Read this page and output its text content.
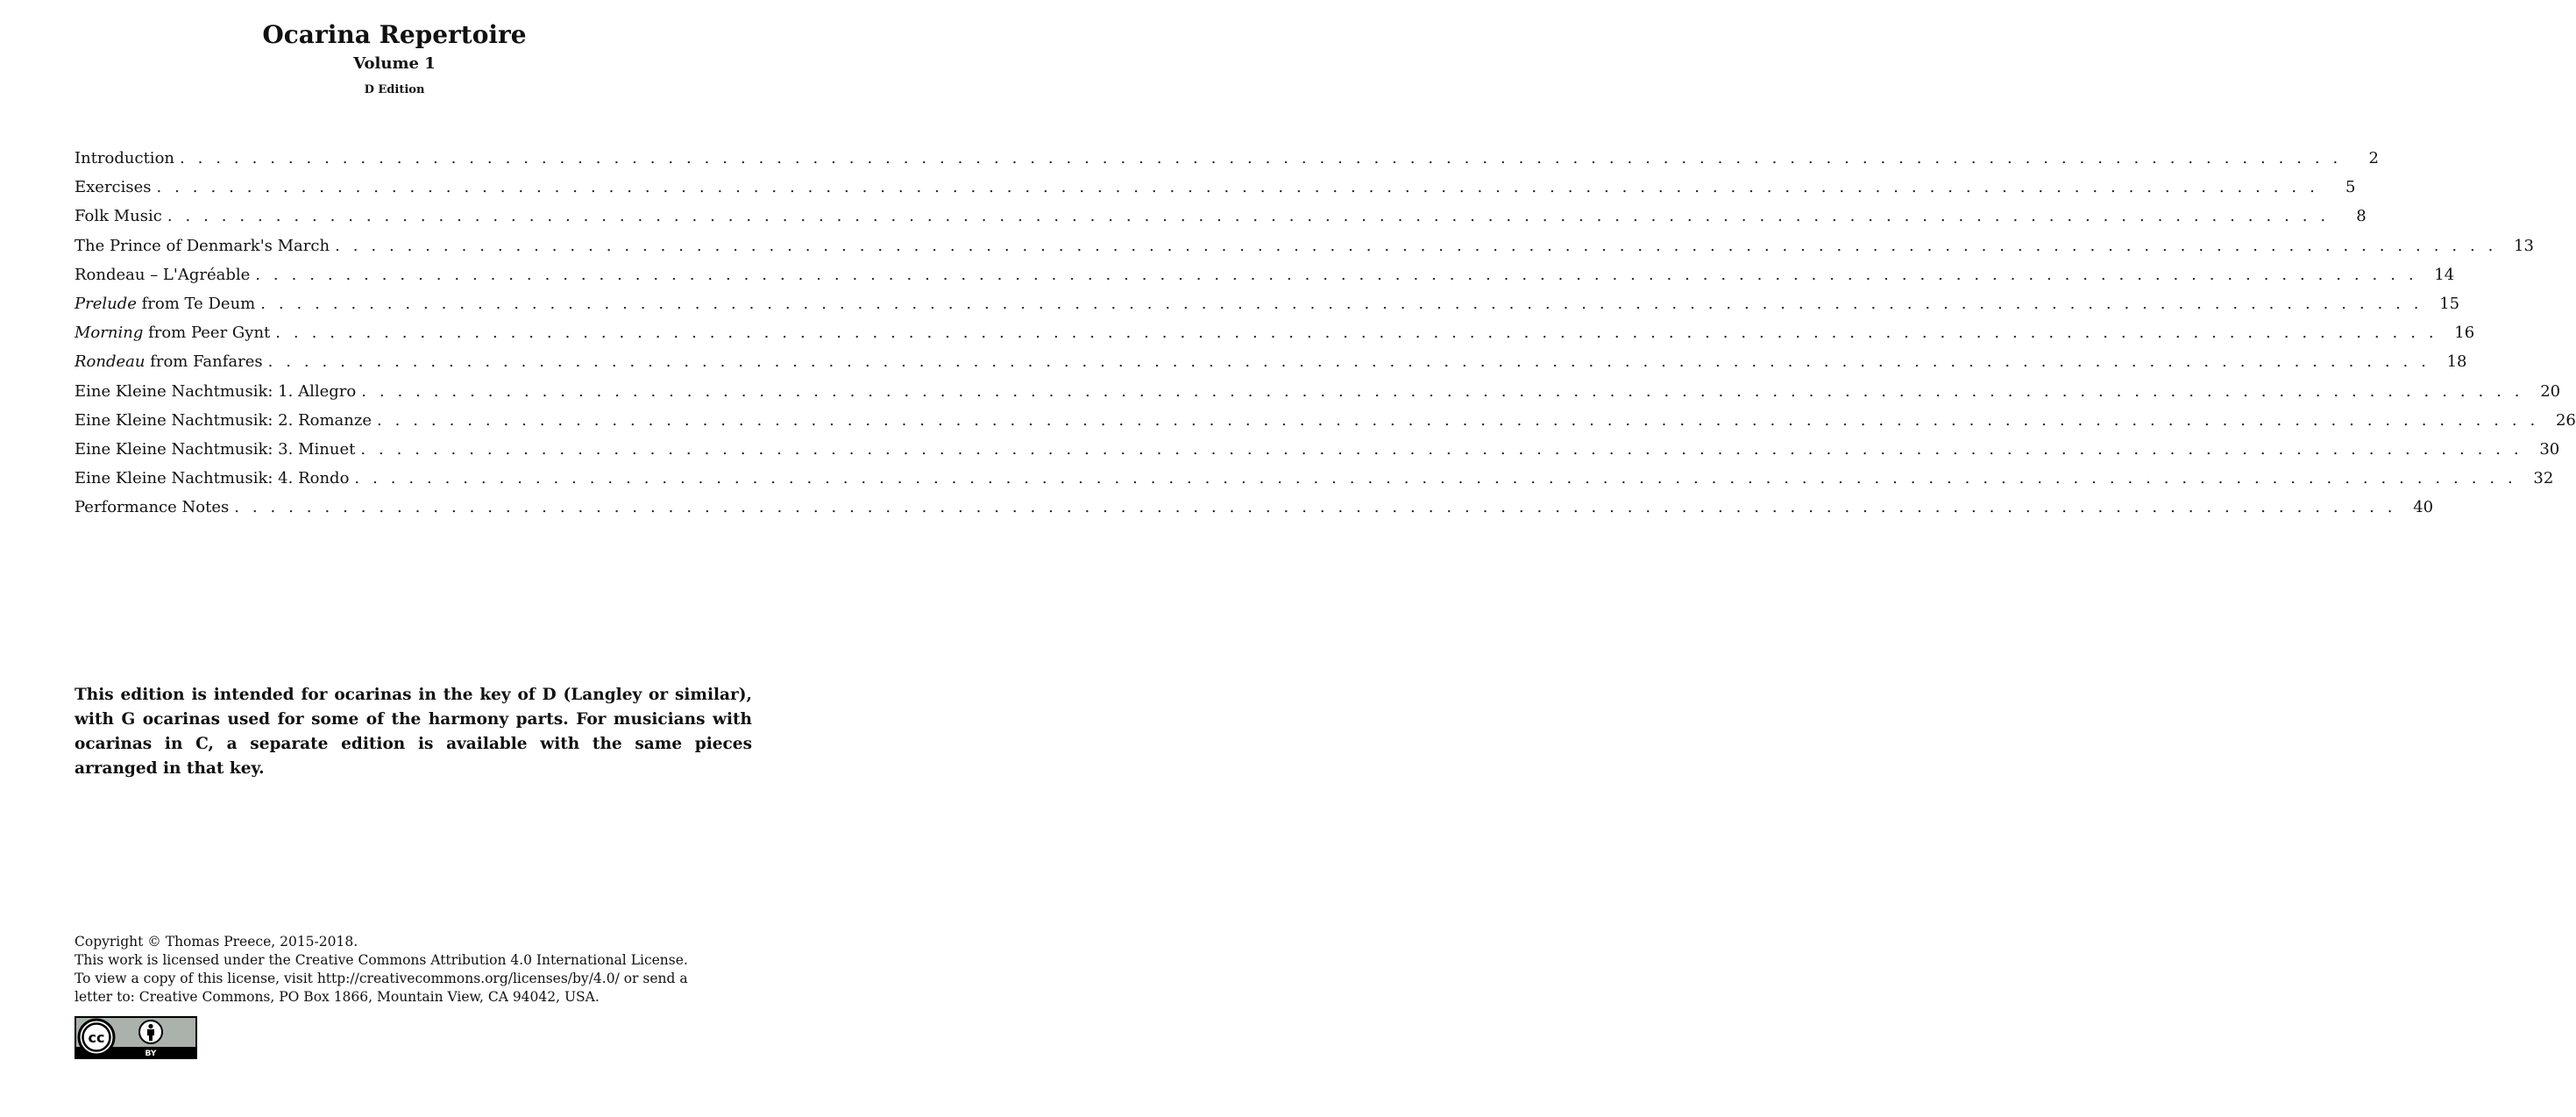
Ocarina Repertoire
Volume 1
D Edition
Introduction . . . . . . . . . . . . . . . . . . . . . . . . . . . . . . . . . . . . . . . . . . . . . . . . . . . . . . . . . . . . . . . . . . . . . . . . . . . . . . . . . . . . . . . . . . . . . . . . . . . . . . . . . . . . . . . . . . . . . . . .	2
Exercises . . . . . . . . . . . . . . . . . . . . . . . . . . . . . . . . . . . . . . . . . . . . . . . . . . . . . . . . . . . . . . . . . . . . . . . . . . . . . . . . . . . . . . . . . . . . . . . . . . . . . . . . . . . . . . . . . . . . . . . .	5
Folk Music . . . . . . . . . . . . . . . . . . . . . . . . . . . . . . . . . . . . . . . . . . . . . . . . . . . . . . . . . . . . . . . . . . . . . . . . . . . . . . . . . . . . . . . . . . . . . . . . . . . . . . . . . . . . . . . . . . . . . . . .	8
The Prince of Denmark's March . . . . . . . . . . . . . . . . . . . . . . . . . . . . . . . . . . . . . . . . . . . . . . . . . . . . . . . . . . . . . . . . . . . . . . . . . . . . . . . . . . . . . . . . . . . . . . . . . . . . . . . . . . . . . . . . . . . . . . . .	13
Rondeau – L'Agréable . . . . . . . . . . . . . . . . . . . . . . . . . . . . . . . . . . . . . . . . . . . . . . . . . . . . . . . . . . . . . . . . . . . . . . . . . . . . . . . . . . . . . . . . . . . . . . . . . . . . . . . . . . . . . . . . . . . . . . . .	14
Prelude from Te Deum . . . . . . . . . . . . . . . . . . . . . . . . . . . . . . . . . . . . . . . . . . . . . . . . . . . . . . . . . . . . . . . . . . . . . . . . . . . . . . . . . . . . . . . . . . . . . . . . . . . . . . . . . . . . . . . . . . . . . . . .	15
Morning from Peer Gynt . . . . . . . . . . . . . . . . . . . . . . . . . . . . . . . . . . . . . . . . . . . . . . . . . . . . . . . . . . . . . . . . . . . . . . . . . . . . . . . . . . . . . . . . . . . . . . . . . . . . . . . . . . . . . . . . . . . . . . . .	16
Rondeau from Fanfares . . . . . . . . . . . . . . . . . . . . . . . . . . . . . . . . . . . . . . . . . . . . . . . . . . . . . . . . . . . . . . . . . . . . . . . . . . . . . . . . . . . . . . . . . . . . . . . . . . . . . . . . . . . . . . . . . . . . . . . .	18
Eine Kleine Nachtmusik: 1. Allegro . . . . . . . . . . . . . . . . . . . . . . . . . . . . . . . . . . . . . . . . . . . . . . . . . . . . . . . . . . . . . . . . . . . . . . . . . . . . . . . . . . . . . . . . . . . . . . . . . . . . . . . . . . . . . . . . . . . . . . . .	20
Eine Kleine Nachtmusik: 2. Romanze . . . . . . . . . . . . . . . . . . . . . . . . . . . . . . . . . . . . . . . . . . . . . . . . . . . . . . . . . . . . . . . . . . . . . . . . . . . . . . . . . . . . . . . . . . . . . . . . . . . . . . . . . . . . . . . . . . . . . . . .	26
Eine Kleine Nachtmusik: 3. Minuet . . . . . . . . . . . . . . . . . . . . . . . . . . . . . . . . . . . . . . . . . . . . . . . . . . . . . . . . . . . . . . . . . . . . . . . . . . . . . . . . . . . . . . . . . . . . . . . . . . . . . . . . . . . . . . . . . . . . . . . .	30
Eine Kleine Nachtmusik: 4. Rondo . . . . . . . . . . . . . . . . . . . . . . . . . . . . . . . . . . . . . . . . . . . . . . . . . . . . . . . . . . . . . . . . . . . . . . . . . . . . . . . . . . . . . . . . . . . . . . . . . . . . . . . . . . . . . . . . . . . . . . . .	32
Performance Notes . . . . . . . . . . . . . . . . . . . . . . . . . . . . . . . . . . . . . . . . . . . . . . . . . . . . . . . . . . . . . . . . . . . . . . . . . . . . . . . . . . . . . . . . . . . . . . . . . . . . . . . . . . . . . . . . . . . . . . . .	40
This edition is intended for ocarinas in the key of D (Langley or similar), with G ocarinas used for some of the harmony parts. For musicians with ocarinas in C, a separate edition is available with the same pieces arranged in that key.
Copyright © Thomas Preece, 2015-2018.
This work is licensed under the Creative Commons Attribution 4.0 International License.
To view a copy of this license, visit http://creativecommons.org/licenses/by/4.0/ or send a
letter to: Creative Commons, PO Box 1866, Mountain View, CA 94042, USA.
cc
BY
